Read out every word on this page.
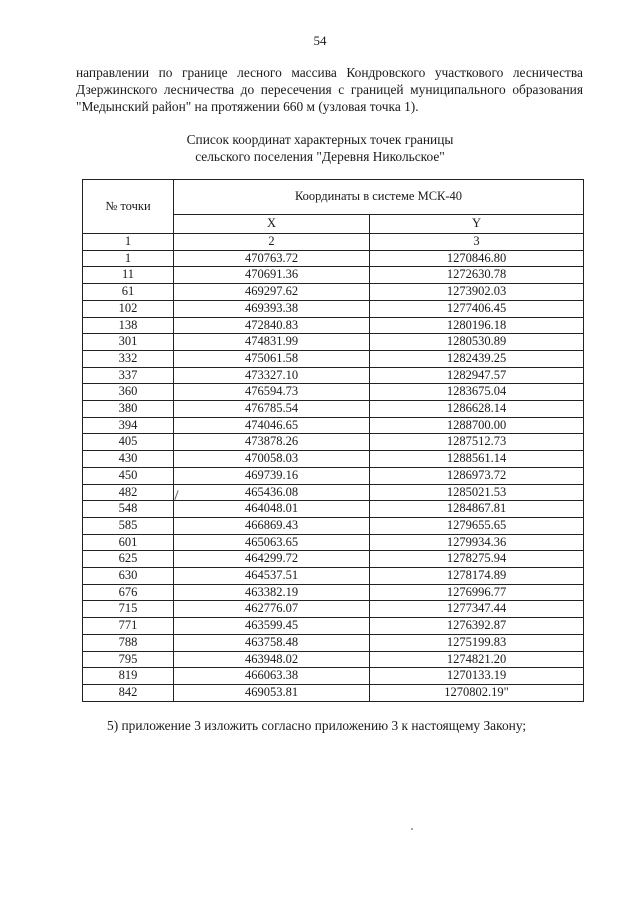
54
направлении по границе лесного массива Кондровского участкового лесничества Дзержинского лесничества до пересечения с границей муниципального образования "Медынский район" на протяжении 660 м (узловая точка 1).
Список координат характерных точек границы
сельского поселения "Деревня Никольское"
№ точки	Координаты в системе МСК-40	
	X	Y
1	2	3
1	470763.72	1270846.80
11	470691.36	1272630.78
61	469297.62	1273902.03
102	469393.38	1277406.45
138	472840.83	1280196.18
301	474831.99	1280530.89
332	475061.58	1282439.25
337	473327.10	1282947.57
360	476594.73	1283675.04
380	476785.54	1286628.14
394	474046.65	1288700.00
405	473878.26	1287512.73
430	470058.03	1288561.14
450	469739.16	1286973.72
482	465436.08	1285021.53
548	464048.01	1284867.81
585	466869.43	1279655.65
601	465063.65	1279934.36
625	464299.72	1278275.94
630	464537.51	1278174.89
676	463382.19	1276996.77
715	462776.07	1277347.44
771	463599.45	1276392.87
788	463758.48	1275199.83
795	463948.02	1274821.20
819	466063.38	1270133.19
842	469053.81	1270802.19"
5) приложение 3 изложить согласно приложению 3 к настоящему Закону;
